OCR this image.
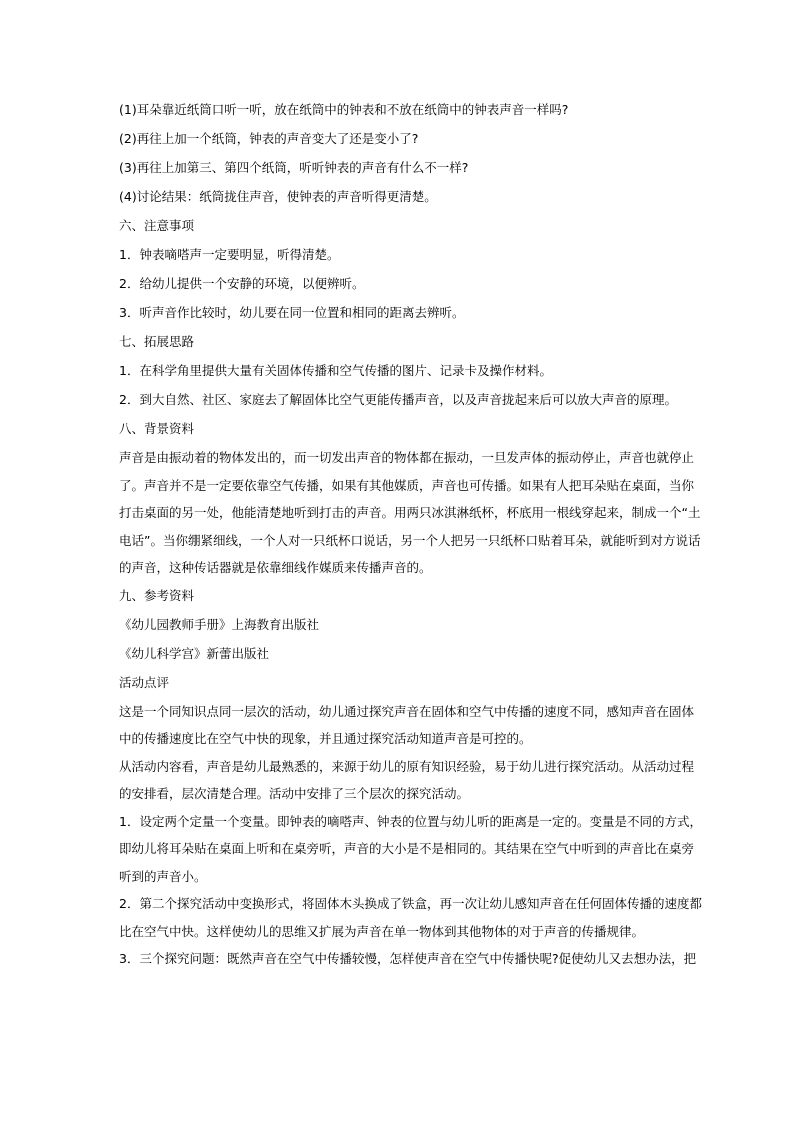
(1)耳朵靠近纸筒口听一听，放在纸筒中的钟表和不放在纸筒中的钟表声音一样吗?

(2)再往上加一个纸筒，钟表的声音变大了还是变小了?

(3)再往上加第三、第四个纸筒，听听钟表的声音有什么不一样?

(4)讨论结果：纸筒拢住声音，使钟表的声音听得更清楚。

六、注意事项

1．钟表嘀嗒声一定要明显，听得清楚。

2．给幼儿提供一个安静的环境，以便辨听。

3．听声音作比较时，幼儿要在同一位置和相同的距离去辨听。

七、拓展思路

1．在科学角里提供大量有关固体传播和空气传播的图片、记录卡及操作材料。

2．到大自然、社区、家庭去了解固体比空气更能传播声音，以及声音拢起来后可以放大声音的原理。

八、背景资料

声音是由振动着的物体发出的，而一切发出声音的物体都在振动，一旦发声体的振动停止，声音也就停止
了。声音并不是一定要依靠空气传播，如果有其他媒质，声音也可传播。如果有人把耳朵贴在桌面，当你
打击桌面的另一处，他能清楚地听到打击的声音。用两只冰淇淋纸杯，杯底用一根线穿起来，制成一个“土
电话”。当你绷紧细线，一个人对一只纸杯口说话，另一个人把另一只纸杯口贴着耳朵，就能听到对方说话
的声音，这种传话器就是依靠细线作媒质来传播声音的。

九、参考资料

《幼儿园教师手册》上海教育出版社

《幼儿科学宫》新蕾出版社

活动点评

这是一个同知识点同一层次的活动，幼儿通过探究声音在固体和空气中传播的速度不同，感知声音在固体
中的传播速度比在空气中快的现象，并且通过探究活动知道声音是可控的。
从活动内容看，声音是幼儿最熟悉的，来源于幼儿的原有知识经验，易于幼儿进行探究活动。从活动过程
的安排看，层次清楚合理。活动中安排了三个层次的探究活动。
1．设定两个定量一个变量。即钟表的嘀嗒声、钟表的位置与幼儿听的距离是一定的。变量是不同的方式，
即幼儿将耳朵贴在桌面上听和在桌旁听，声音的大小是不是相同的。其结果在空气中听到的声音比在桌旁
听到的声音小。
2．第二个探究活动中变换形式，将固体木头换成了铁盒，再一次让幼儿感知声音在任何固体传播的速度都
比在空气中快。这样使幼儿的思维又扩展为声音在单一物体到其他物体的对于声音的传播规律。
3．三个探究问题：既然声音在空气中传播较慢，怎样使声音在空气中传播快呢?促使幼儿又去想办法，把
